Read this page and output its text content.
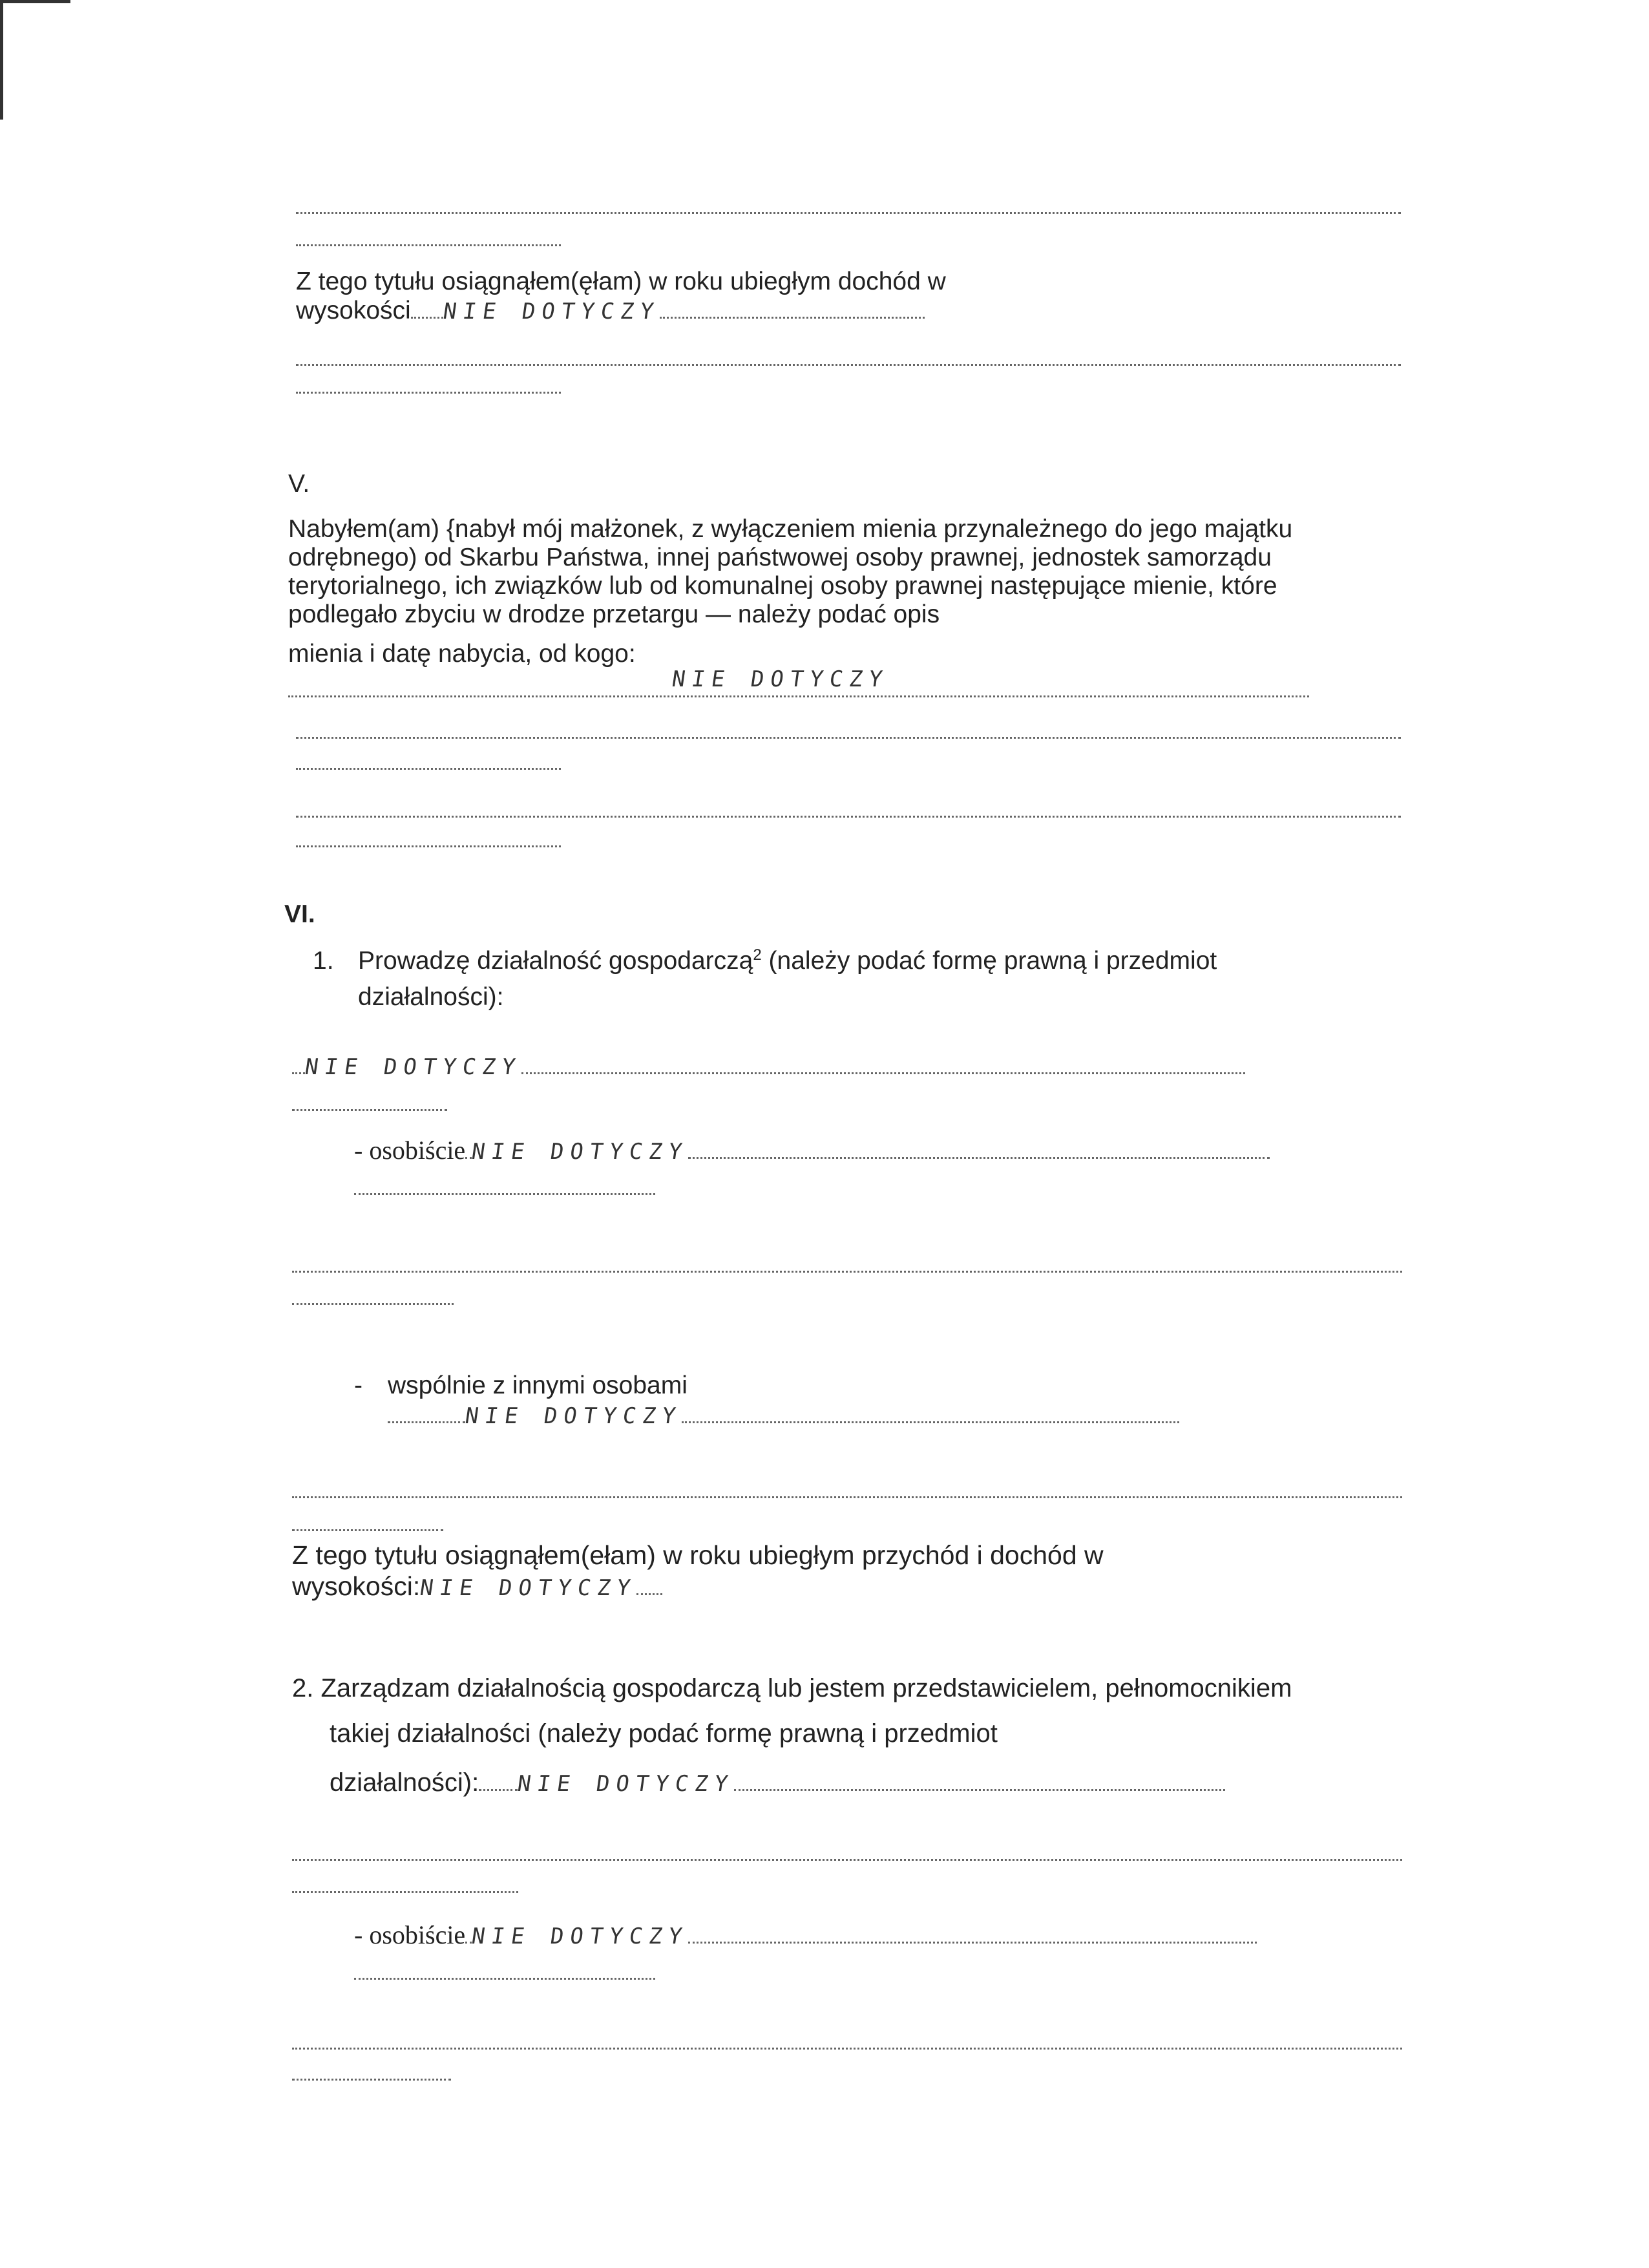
Z tego tytułu osiągnąłem(ęłam) w roku ubiegłym dochód w
wysokości NIE DOTYCZY
V.
Nabyłem(am) {nabył mój małżonek, z wyłączeniem mienia przynależnego do jego majątku
odrębnego) od Skarbu Państwa, innej państwowej osoby prawnej, jednostek samorządu
terytorialnego, ich związków lub od komunalnej osoby prawnej następujące mienie, które
podlegało zbyciu w drodze przetargu — należy podać opis
mienia i datę nabycia, od kogo:
NIE DOTYCZY
VI.
1. Prowadzę działalność gospodarczą$^2$ (należy podać formę prawną i przedmiot
działalności):
NIE DOTYCZY
- osobiście NIE DOTYCZY
- wspólnie z innymi osobami
NIE DOTYCZY
Z tego tytułu osiągnąłem(ełam) w roku ubiegłym przychód i dochód w
wysokości:NIE DOTYCZY
2. Zarządzam działalnością gospodarczą lub jestem przedstawicielem, pełnomocnikiem
takiej działalności (należy podać formę prawną i przedmiot
działalności): NIE DOTYCZY
- osobiście NIE DOTYCZY
